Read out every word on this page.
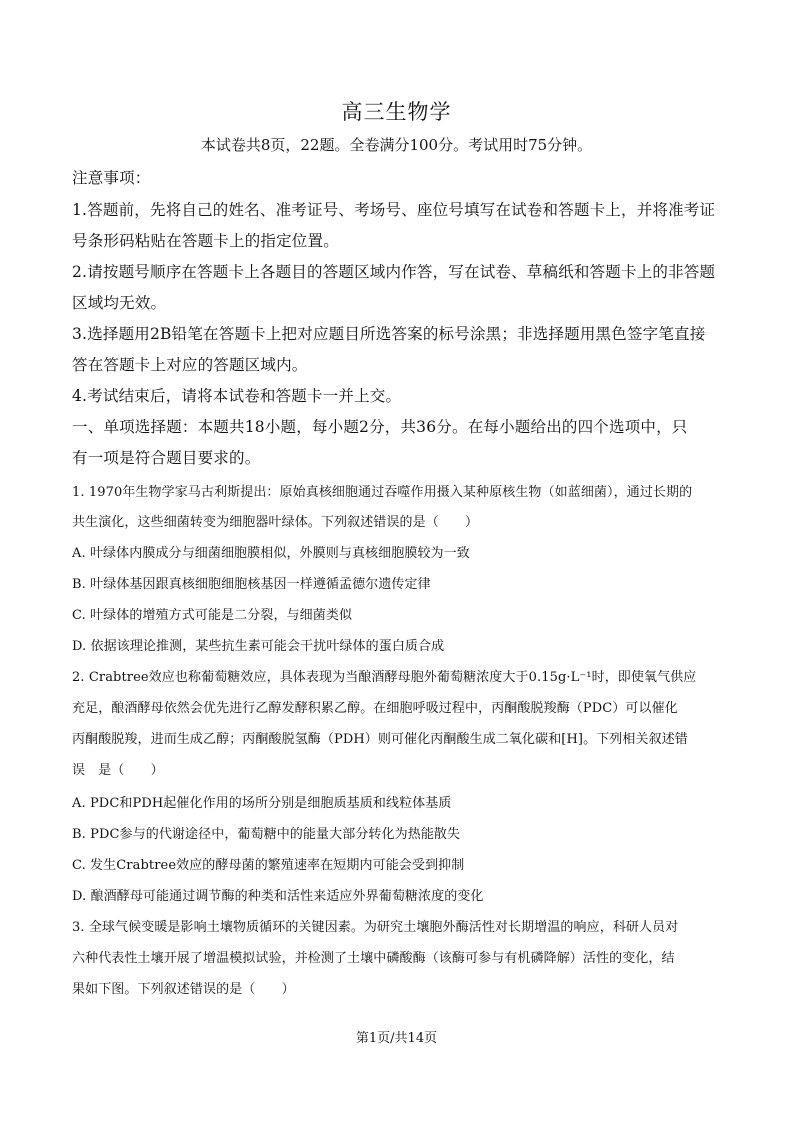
高三生物学
本试卷共8页，22题。全卷满分100分。考试用时75分钟。
注意事项：
1.答题前，先将自己的姓名、准考证号、考场号、座位号填写在试卷和答题卡上，并将准考证
号条形码粘贴在答题卡上的指定位置。
2.请按题号顺序在答题卡上各题目的答题区域内作答，写在试卷、草稿纸和答题卡上的非答题
区域均无效。
3.选择题用2B铅笔在答题卡上把对应题目所选答案的标号涂黑；非选择题用黑色签字笔直接
答在答题卡上对应的答题区域内。
4.考试结束后，请将本试卷和答题卡一并上交。
一、单项选择题：本题共18小题，每小题2分，共36分。在每小题给出的四个选项中，只
有一项是符合题目要求的。
1. 1970年生物学家马古利斯提出：原始真核细胞通过吞噬作用摄入某种原核生物（如蓝细菌），通过长期的
共生演化，这些细菌转变为细胞器叶绿体。下列叙述错误的是（　　）
A. 叶绿体内膜成分与细菌细胞膜相似，外膜则与真核细胞膜较为一致
B. 叶绿体基因跟真核细胞细胞核基因一样遵循孟德尔遗传定律
C. 叶绿体的增殖方式可能是二分裂，与细菌类似
D. 依据该理论推测，某些抗生素可能会干扰叶绿体的蛋白质合成
2. Crabtree效应也称葡萄糖效应，具体表现为当酿酒酵母胞外葡萄糖浓度大于0.15g·L⁻¹时，即使氧气供应
充足，酿酒酵母依然会优先进行乙醇发酵积累乙醇。在细胞呼吸过程中，丙酮酸脱羧酶（PDC）可以催化
丙酮酸脱羧，进而生成乙醇；丙酮酸脱氢酶（PDH）则可催化丙酮酸生成二氧化碳和[H]。下列相关叙述错
误　是（　　）
A. PDC和PDH起催化作用的场所分别是细胞质基质和线粒体基质
B. PDC参与的代谢途径中，葡萄糖中的能量大部分转化为热能散失
C. 发生Crabtree效应的酵母菌的繁殖速率在短期内可能会受到抑制
D. 酿酒酵母可能通过调节酶的种类和活性来适应外界葡萄糖浓度的变化
3. 全球气候变暖是影响土壤物质循环的关键因素。为研究土壤胞外酶活性对长期增温的响应，科研人员对
六种代表性土壤开展了增温模拟试验，并检测了土壤中磷酸酶（该酶可参与有机磷降解）活性的变化，结
果如下图。下列叙述错误的是（　　）
第1页/共14页
